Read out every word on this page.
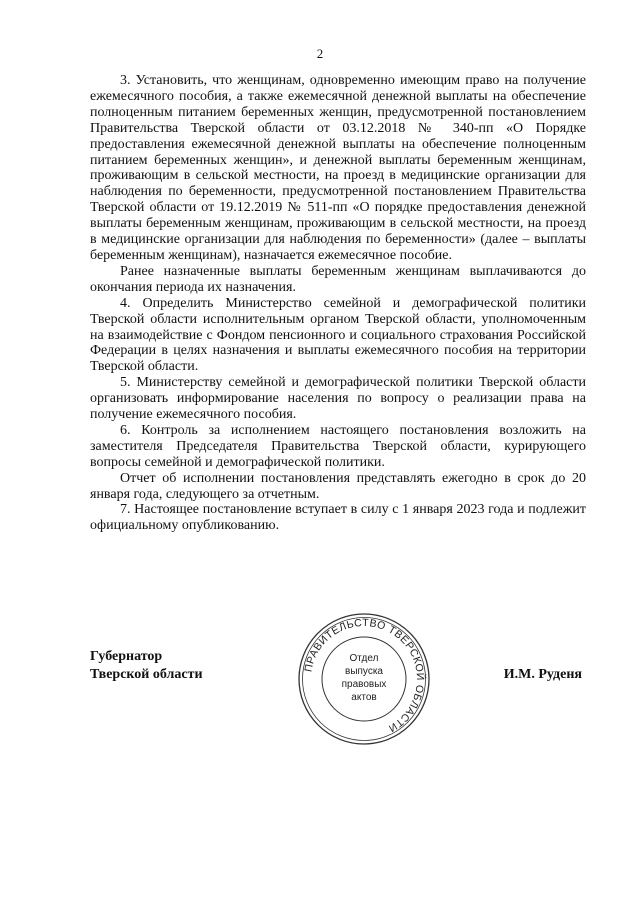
2

3. Установить, что женщинам, одновременно имеющим право на получение ежемесячного пособия, а также ежемесячной денежной выплаты на обеспечение полноценным питанием беременных женщин, предусмотренной постановлением Правительства Тверской области от 03.12.2018 № 340-пп «О Порядке предоставления ежемесячной денежной выплаты на обеспечение полноценным питанием беременных женщин», и денежной выплаты беременным женщинам, проживающим в сельской местности, на проезд в медицинские организации для наблюдения по беременности, предусмотренной постановлением Правительства Тверской области от 19.12.2019 № 511-пп «О порядке предоставления денежной выплаты беременным женщинам, проживающим в сельской местности, на проезд в медицинские организации для наблюдения по беременности» (далее – выплаты беременным женщинам), назначается ежемесячное пособие.

Ранее назначенные выплаты беременным женщинам выплачиваются до окончания периода их назначения.

4. Определить Министерство семейной и демографической политики Тверской области исполнительным органом Тверской области, уполномоченным на взаимодействие с Фондом пенсионного и социального страхования Российской Федерации в целях назначения и выплаты ежемесячного пособия на территории Тверской области.

5. Министерству семейной и демографической политики Тверской области организовать информирование населения по вопросу о реализации права на получение ежемесячного пособия.

6. Контроль за исполнением настоящего постановления возложить на заместителя Председателя Правительства Тверской области, курирующего вопросы семейной и демографической политики.

Отчет об исполнении постановления представлять ежегодно в срок до 20 января года, следующего за отчетным.

7. Настоящее постановление вступает в силу с 1 января 2023 года и подлежит официальному опубликованию.

Губернатор
Тверской области	ПРАВИТЕЛЬСТВО ТВЕРСКОЙ ОБЛАСТИ
Отдел
выпуска
правовых
актов
И.М. Руденя
